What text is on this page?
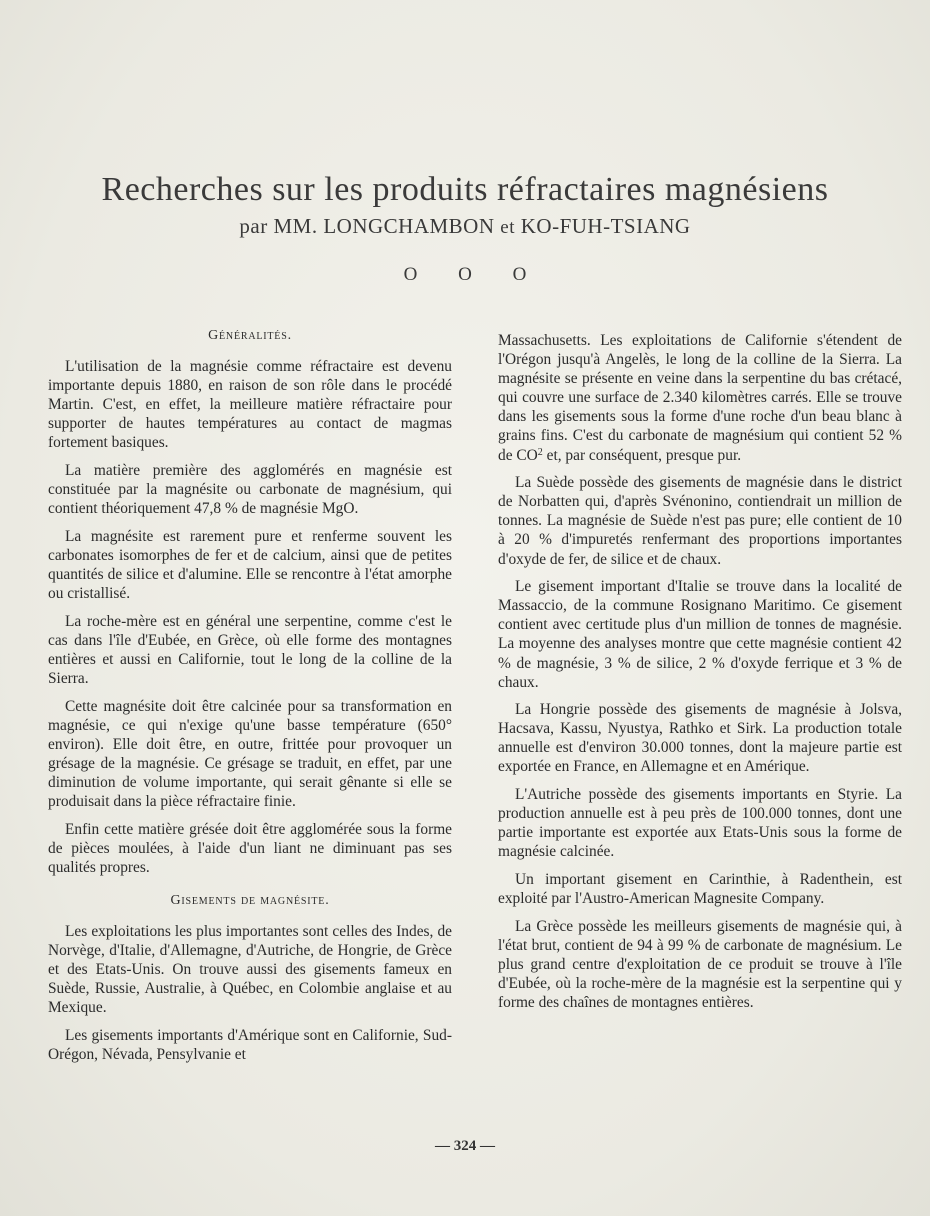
Recherches sur les produits réfractaires magnésiens
par MM. LONGCHAMBON et KO-FUH-TSIANG
O O O
Généralités.

L'utilisation de la magnésie comme réfractaire est devenu importante depuis 1880, en raison de son rôle dans le procédé Martin. C'est, en effet, la meilleure matière réfractaire pour supporter de hautes températures au contact de magmas fortement basiques.

La matière première des agglomérés en magnésie est constituée par la magnésite ou carbonate de magnésium, qui contient théoriquement 47,8 % de magnésie MgO.

La magnésite est rarement pure et renferme souvent les carbonates isomorphes de fer et de calcium, ainsi que de petites quantités de silice et d'alumine. Elle se rencontre à l'état amorphe ou cristallisé.

La roche-mère est en général une serpentine, comme c'est le cas dans l'île d'Eubée, en Grèce, où elle forme des montagnes entières et aussi en Californie, tout le long de la colline de la Sierra.

Cette magnésite doit être calcinée pour sa transformation en magnésie, ce qui n'exige qu'une basse température (650° environ). Elle doit être, en outre, frittée pour provoquer un grésage de la magnésie. Ce grésage se traduit, en effet, par une diminution de volume importante, qui serait gênante si elle se produisait dans la pièce réfractaire finie.

Enfin cette matière grésée doit être agglomérée sous la forme de pièces moulées, à l'aide d'un liant ne diminuant pas ses qualités propres.

Gisements de magnésite.

Les exploitations les plus importantes sont celles des Indes, de Norvège, d'Italie, d'Allemagne, d'Autriche, de Hongrie, de Grèce et des Etats-Unis. On trouve aussi des gisements fameux en Suède, Russie, Australie, à Québec, en Colombie anglaise et au Mexique.

Les gisements importants d'Amérique sont en Californie, Sud-Orégon, Névada, Pensylvanie et

Massachusetts. Les exploitations de Californie s'étendent de l'Orégon jusqu'à Angelès, le long de la colline de la Sierra. La magnésite se présente en veine dans la serpentine du bas crétacé, qui couvre une surface de 2.340 kilomètres carrés. Elle se trouve dans les gisements sous la forme d'une roche d'un beau blanc à grains fins. C'est du carbonate de magnésium qui contient 52 % de $CO^2$ et, par conséquent, presque pur.

La Suède possède des gisements de magnésie dans le district de Norbatten qui, d'après Svénonino, contiendrait un million de tonnes. La magnésie de Suède n'est pas pure; elle contient de 10 à 20 % d'impuretés renfermant des proportions importantes d'oxyde de fer, de silice et de chaux.

Le gisement important d'Italie se trouve dans la localité de Massaccio, de la commune Rosignano Maritimo. Ce gisement contient avec certitude plus d'un million de tonnes de magnésie. La moyenne des analyses montre que cette magnésie contient 42 % de magnésie, 3 % de silice, 2 % d'oxyde ferrique et 3 % de chaux.

La Hongrie possède des gisements de magnésie à Jolsva, Hacsava, Kassu, Nyustya, Rathko et Sirk. La production totale annuelle est d'environ 30.000 tonnes, dont la majeure partie est exportée en France, en Allemagne et en Amérique.

L'Autriche possède des gisements importants en Styrie. La production annuelle est à peu près de 100.000 tonnes, dont une partie importante est exportée aux Etats-Unis sous la forme de magnésie calcinée.

Un important gisement en Carinthie, à Radenthein, est exploité par l'Austro-American Magnesite Company.

La Grèce possède les meilleurs gisements de magnésie qui, à l'état brut, contient de 94 à 99 % de carbonate de magnésium. Le plus grand centre d'exploitation de ce produit se trouve à l'île d'Eubée, où la roche-mère de la magnésie est la serpentine qui y forme des chaînes de montagnes entières.

— 324 —
